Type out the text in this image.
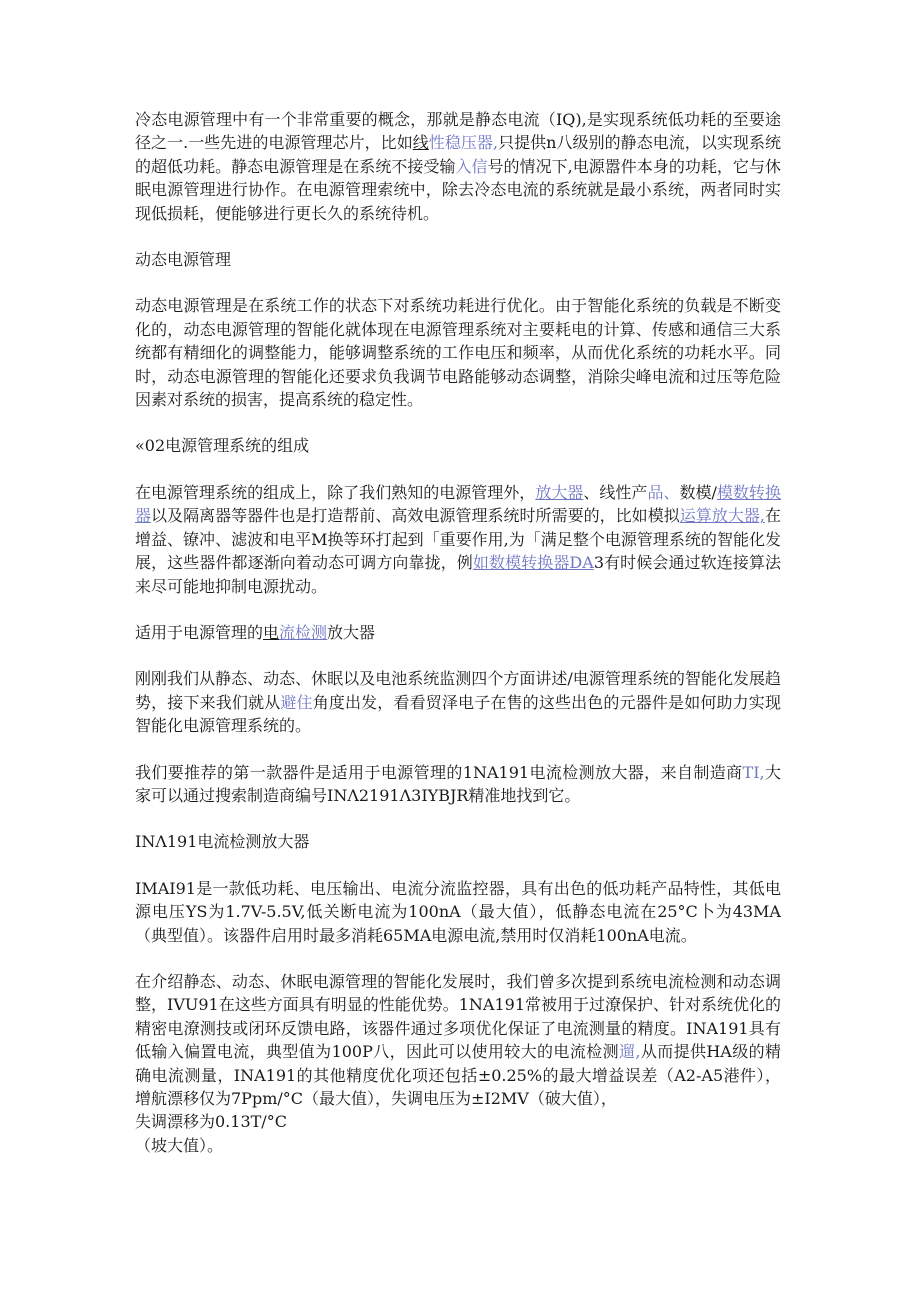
冷态电源管理中有一个非常重要的概念，那就是静态电流（IQ),是实现系统低功耗的至要途径之一.一些先进的电源管理芯片，比如线性稳压器,只提供n八级别的静态电流，以实现系统的超低功耗。静态电源管理是在系统不接受输入信号的情况下,电源嚣件本身的功耗，它与休眠电源管理进行协作。在电源管理索统中，除去冷态电流的系统就是最小系统，两者同时实现低损耗，便能够进行更长久的系统待机。

动态电源管理

动态电源管理是在系统工作的状态下对系统功耗进行优化。由于智能化系统的负载是不断变化的，动态电源管理的智能化就体现在电源管理系统对主要耗电的计算、传感和通信三大系统都有精细化的调整能力，能够调整系统的工作电压和频率，从而优化系统的功耗水平。同时，动态电源管理的智能化还要求负我调节电路能够动态调整，消除尖峰电流和过压等危险因素对系统的损害，提高系统的稳定性。

«02电源管理系统的组成

在电源管理系统的组成上，除了我们熟知的电源管理外，放大器、线性产品、数模/模数转换器以及隔离器等器件也是打造帮前、高效电源管理系统时所需要的，比如模拟运算放大器,在增益、镣冲、滤波和电平M换等环打起到「重要作用,为「满足整个电源管理系统的智能化发展，这些器件都逐渐向着动态可调方向靠拢，例如数模转换器DA3有时候会通过软连接算法来尽可能地抑制电源扰动。

适用于电源管理的电流检测放大器

刚刚我们从静态、动态、休眠以及电池系统监测四个方面讲述/电源管理系统的智能化发展趋势，接下来我们就从避住角度出发，看看贸泽电子在售的这些出色的元器件是如何助力实现智能化电源管理系统的。

我们要推荐的第一款器件是适用于电源管理的1NA191电流检测放大器，来自制造商TI,大家可以通过搜索制造商编号INΛ2191Λ3IYBJR精准地找到它。

INΛ191电流检测放大器

IMAI91是一款低功耗、电压输出、电流分流监控器，具有出色的低功耗产品特性，其低电源电压YS为1.7V-5.5V,低关断电流为100nA（最大值），低静态电流在25°C卜为43MA（典型值）。该器件启用时最多消耗65MA电源电流,禁用时仅消耗100nA电流。

在介绍静态、动态、休眠电源管理的智能化发展时，我们曾多次提到系统电流检测和动态调整，IVU91在这些方面具有明显的性能优势。1NA191常被用于过潦保护、针对系统优化的精密电潦测技或闭环反馈电路，该器件通过多项优化保证了电流测量的精度。INA191具有低输入偏置电流，典型值为100P八，因此可以使用较大的电流检测遛,从而提供HA级的精确电流测量，INA191的其他精度优化项还包括±0.25%的最大增益误差（A2-A5港件），增航漂移仅为7Ppm/°C（最大值），失调电压为±I2MV（破大值），

失调漂移为0.13T/°C

（坡大值）。
